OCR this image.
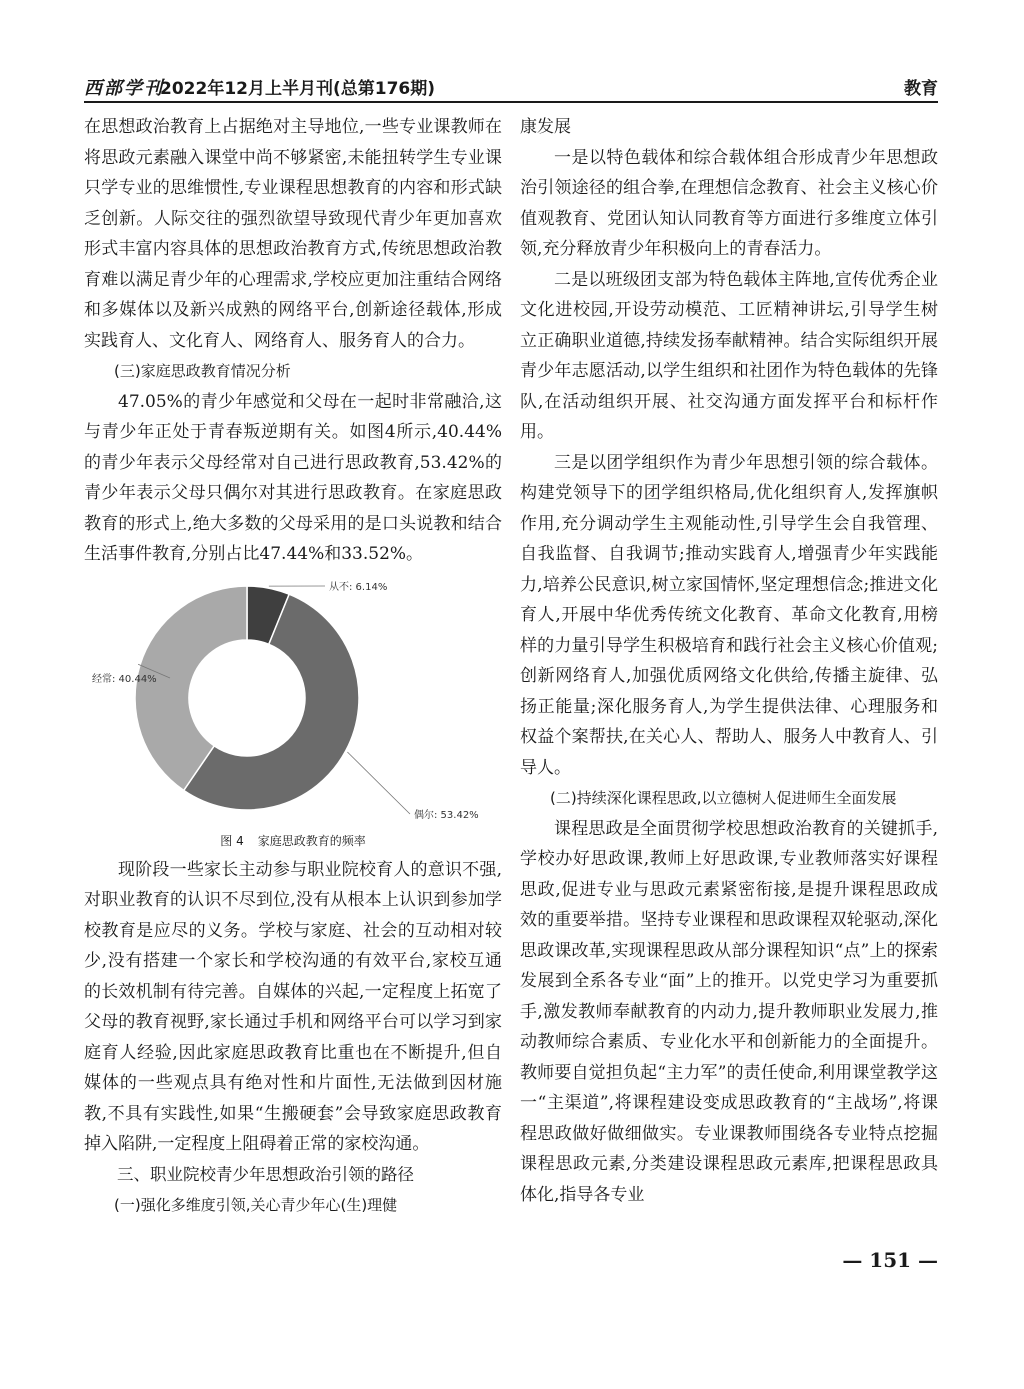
西部学刊
2022年12月上半月刊(总第176期)	教育

在思想政治教育上占据绝对主导地位,一些专业课教师在将思政元素融入课堂中尚不够紧密,未能扭转学生专业课只学专业的思维惯性,专业课程思想教育的内容和形式缺乏创新。人际交往的强烈欲望导致现代青少年更加喜欢形式丰富内容具体的思想政治教育方式,传统思想政治教育难以满足青少年的心理需求,学校应更加注重结合网络和多媒体以及新兴成熟的网络平台,创新途径载体,形成实践育人、文化育人、网络育人、服务育人的合力。

(三)家庭思政教育情况分析

47.05%的青少年感觉和父母在一起时非常融洽,这与青少年正处于青春叛逆期有关。如图4所示,40.44%的青少年表示父母经常对自己进行思政教育,53.42%的青少年表示父母只偶尔对其进行思政教育。在家庭思政教育的形式上,绝大多数的父母采用的是口头说教和结合生活事件教育,分别占比47.44%和33.52%。

从不: 6.14%
偶尔: 53.42%
经常: 40.44%
图 4 家庭思政教育的频率

现阶段一些家长主动参与职业院校育人的意识不强,对职业教育的认识不尽到位,没有从根本上认识到参加学校教育是应尽的义务。学校与家庭、社会的互动相对较少,没有搭建一个家长和学校沟通的有效平台,家校互通的长效机制有待完善。自媒体的兴起,一定程度上拓宽了父母的教育视野,家长通过手机和网络平台可以学习到家庭育人经验,因此家庭思政教育比重也在不断提升,但自媒体的一些观点具有绝对性和片面性,无法做到因材施教,不具有实践性,如果“生搬硬套”会导致家庭思政教育掉入陷阱,一定程度上阻碍着正常的家校沟通。

三、职业院校青少年思想政治引领的路径
(一)强化多维度引领,关心青少年心(生)理健

康发展

一是以特色载体和综合载体组合形成青少年思想政治引领途径的组合拳,在理想信念教育、社会主义核心价值观教育、党团认知认同教育等方面进行多维度立体引领,充分释放青少年积极向上的青春活力。

二是以班级团支部为特色载体主阵地,宣传优秀企业文化进校园,开设劳动模范、工匠精神讲坛,引导学生树立正确职业道德,持续发扬奉献精神。结合实际组织开展青少年志愿活动,以学生组织和社团作为特色载体的先锋队,在活动组织开展、社交沟通方面发挥平台和标杆作用。

三是以团学组织作为青少年思想引领的综合载体。构建党领导下的团学组织格局,优化组织育人,发挥旗帜作用,充分调动学生主观能动性,引导学生会自我管理、自我监督、自我调节;推动实践育人,增强青少年实践能力,培养公民意识,树立家国情怀,坚定理想信念;推进文化育人,开展中华优秀传统文化教育、革命文化教育,用榜样的力量引导学生积极培育和践行社会主义核心价值观;创新网络育人,加强优质网络文化供给,传播主旋律、弘扬正能量;深化服务育人,为学生提供法律、心理服务和权益个案帮扶,在关心人、帮助人、服务人中教育人、引导人。

(二)持续深化课程思政,以立德树人促进师生全面发展

课程思政是全面贯彻学校思想政治教育的关键抓手,学校办好思政课,教师上好思政课,专业教师落实好课程思政,促进专业与思政元素紧密衔接,是提升课程思政成效的重要举措。坚持专业课程和思政课程双轮驱动,深化思政课改革,实现课程思政从部分课程知识“点”上的探索发展到全系各专业“面”上的推开。以党史学习为重要抓手,激发教师奉献教育的内动力,提升教师职业发展力,推动教师综合素质、专业化水平和创新能力的全面提升。教师要自觉担负起“主力军”的责任使命,利用课堂教学这一“主渠道”,将课程建设变成思政教育的“主战场”,将课程思政做好做细做实。专业课教师围绕各专业特点挖掘课程思政元素,分类建设课程思政元素库,把课程思政具体化,指导各专业

— 151 —
